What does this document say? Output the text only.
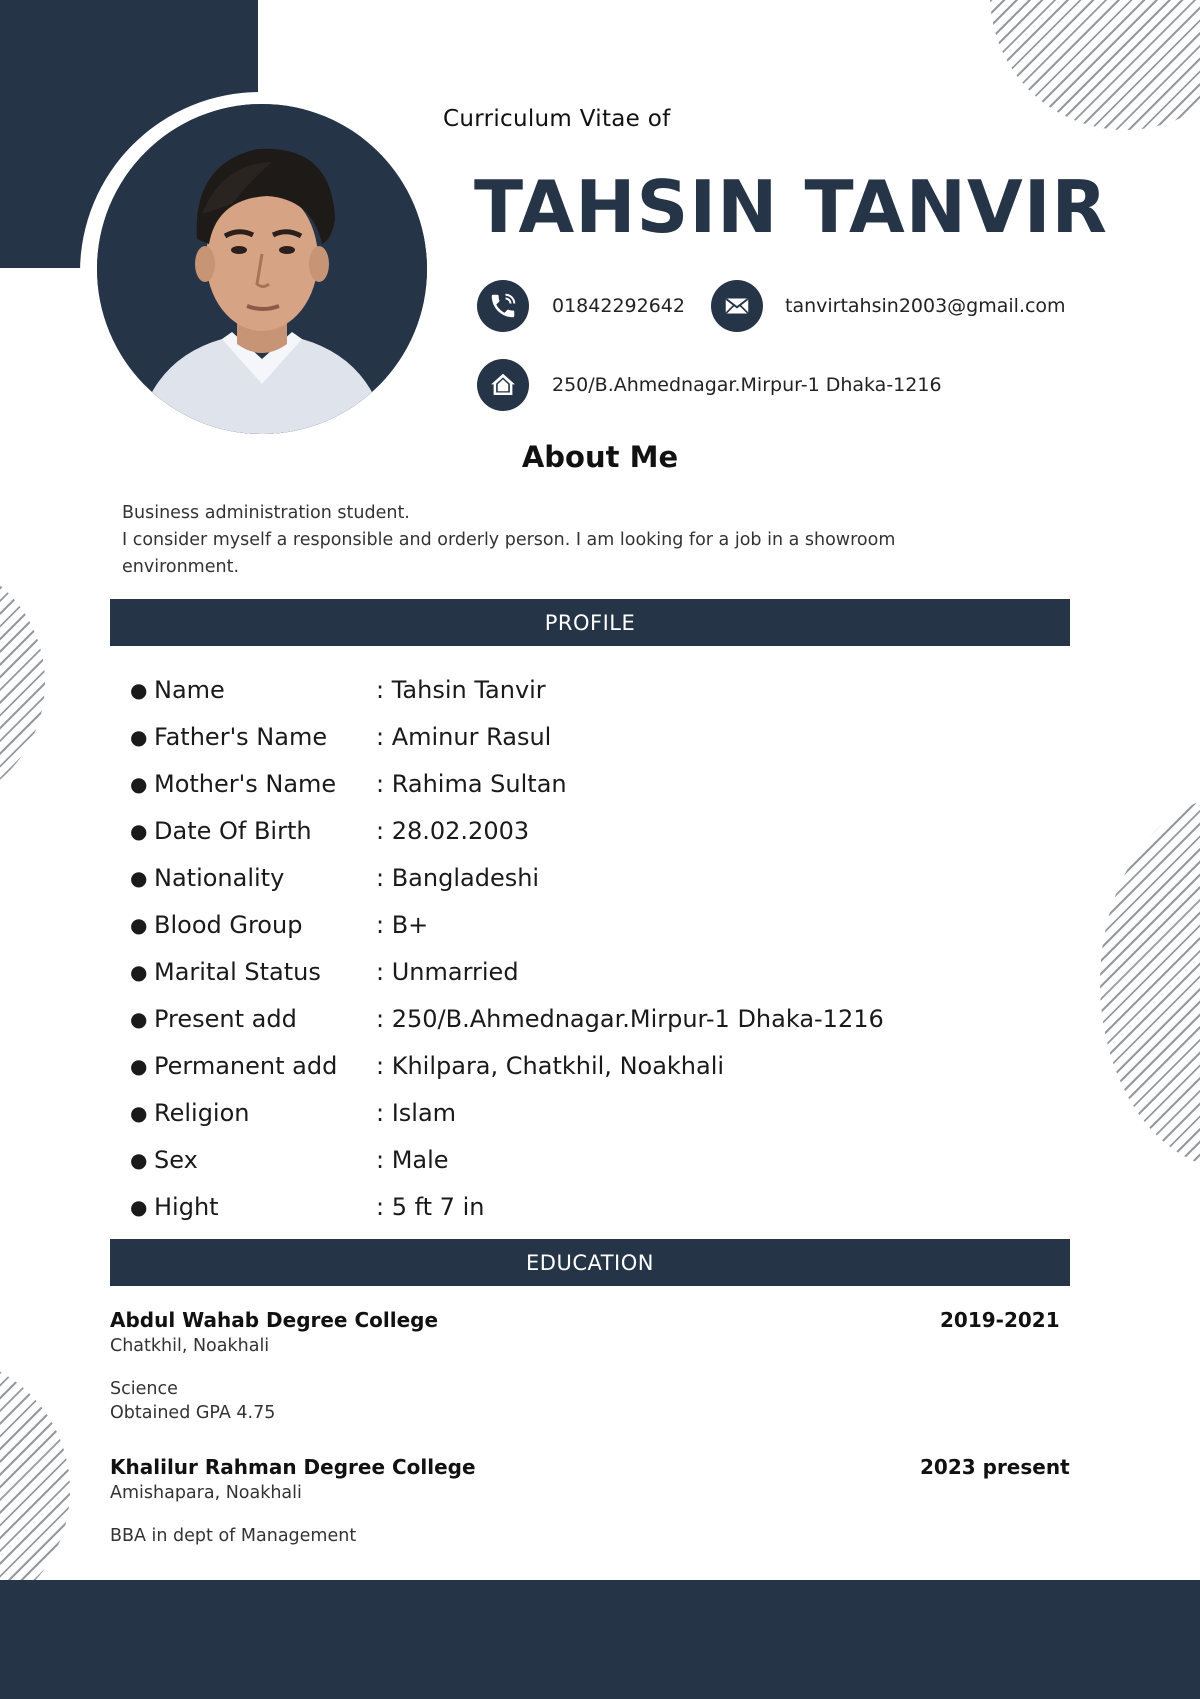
Curriculum Vitae of
TAHSIN TANVIR
01842292642	tanvirtahsin2003@gmail.com
250/B.Ahmednagar.Mirpur-1 Dhaka-1216
About Me
Business administration student.
I consider myself a responsible and orderly person. I am looking for a job in a showroom
environment.
PROFILE
● Name	: Tahsin Tanvir
● Father's Name	: Aminur Rasul
● Mother's Name	: Rahima Sultan
● Date Of Birth	: 28.02.2003
● Nationality	: Bangladeshi
● Blood Group	: B+
● Marital Status	: Unmarried
● Present add	: 250/B.Ahmednagar.Mirpur-1 Dhaka-1216
● Permanent add	: Khilpara, Chatkhil, Noakhali
● Religion	: Islam
● Sex	: Male
● Hight	: 5 ft 7 in
EDUCATION
Abdul Wahab Degree College	2019-2021
Chatkhil, Noakhali
Science
Obtained GPA 4.75
Khalilur Rahman Degree College	2023 present
Amishapara, Noakhali
BBA in dept of Management
